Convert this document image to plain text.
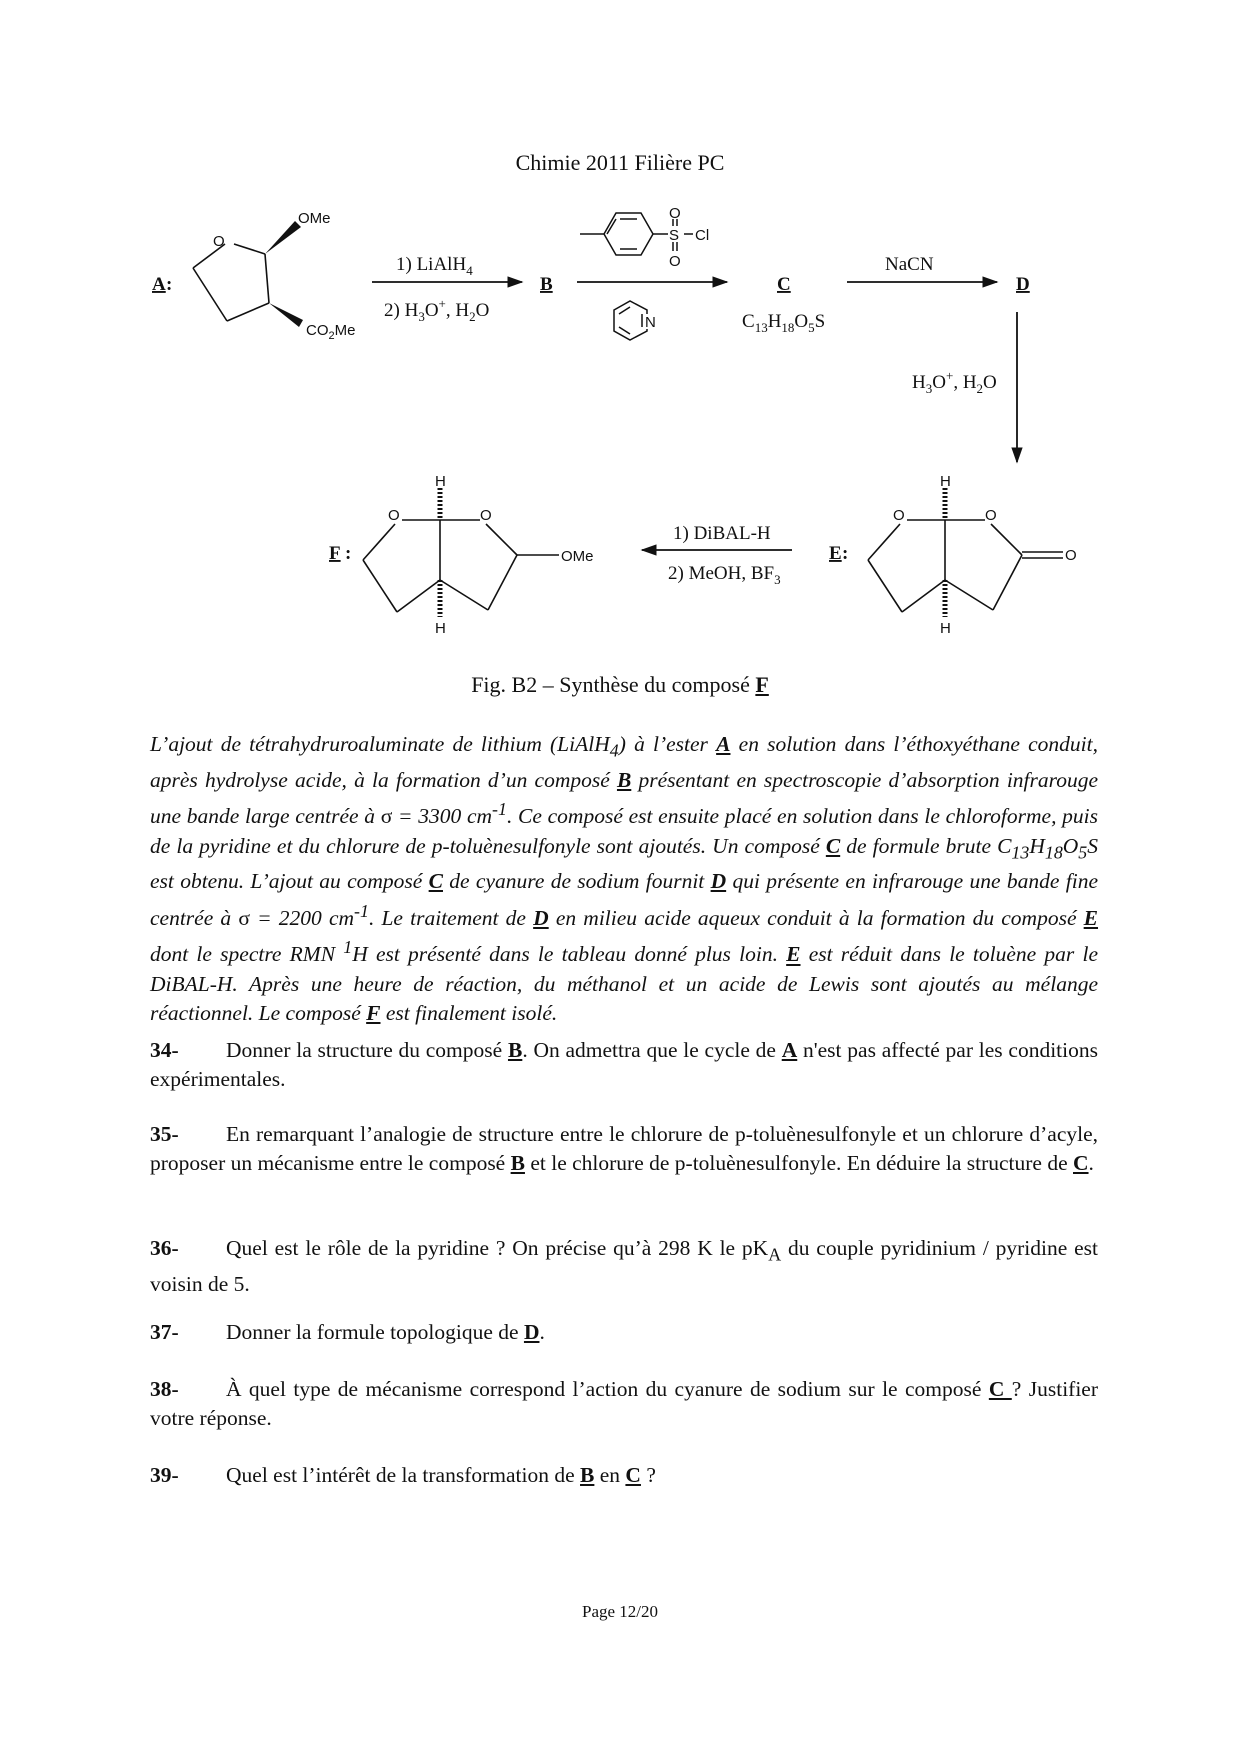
Chimie 2011 Filière PC
O
OMe
$CO_2Me$
A :
1) LiAlH$_4$
2) $H_3O^+$, $H_2O$
B
S
O
O
Cl
N
C
$C_{13}H_{18}O_5S$
NaCN
D
$H_3O^+$, $H_2O$
O	O
O
H
H
E :
1) DiBAL-H
2) MeOH, $BF_3$
O	O
OMe
H
H
F :
Fig. B2 – Synthèse du composé F

L’ajout de tétrahydruroaluminate de lithium (LiAlH$_4$) à l’ester A en solution dans l’éthoxyéthane conduit, après hydrolyse acide, à la formation d’un composé B présentant en spectroscopie d’absorption infrarouge une bande large centrée à σ = 3300 $cm^{-1}$. Ce composé est ensuite placé en solution dans le chloroforme, puis de la pyridine et du chlorure de p-toluènesulfonyle sont ajoutés. Un composé C de formule brute $C_{13}H_{18}O_5S$ est obtenu. L’ajout au composé C de cyanure de sodium fournit D qui présente en infrarouge une bande fine centrée à σ = 2200 $cm^{-1}$. Le traitement de D en milieu acide aqueux conduit à la formation du composé E dont le spectre RMN $^1$H est présenté dans le tableau donné plus loin. E est réduit dans le toluène par le DiBAL-H. Après une heure de réaction, du méthanol et un acide de Lewis sont ajoutés au mélange réactionnel. Le composé F est finalement isolé.

34- Donner la structure du composé B. On admettra que le cycle de A n'est pas affecté par les conditions expérimentales.

35- En remarquant l’analogie de structure entre le chlorure de p-toluènesulfonyle et un chlorure d’acyle, proposer un mécanisme entre le composé B et le chlorure de p-toluènesulfonyle. En déduire la structure de C.

36- Quel est le rôle de la pyridine ? On précise qu’à 298 K le $pK_A$ du couple pyridinium / pyridine est voisin de 5.

37- Donner la formule topologique de D.

38- À quel type de mécanisme correspond l’action du cyanure de sodium sur le composé C ? Justifier votre réponse.

39- Quel est l’intérêt de la transformation de B en C ?

Page 12/20
